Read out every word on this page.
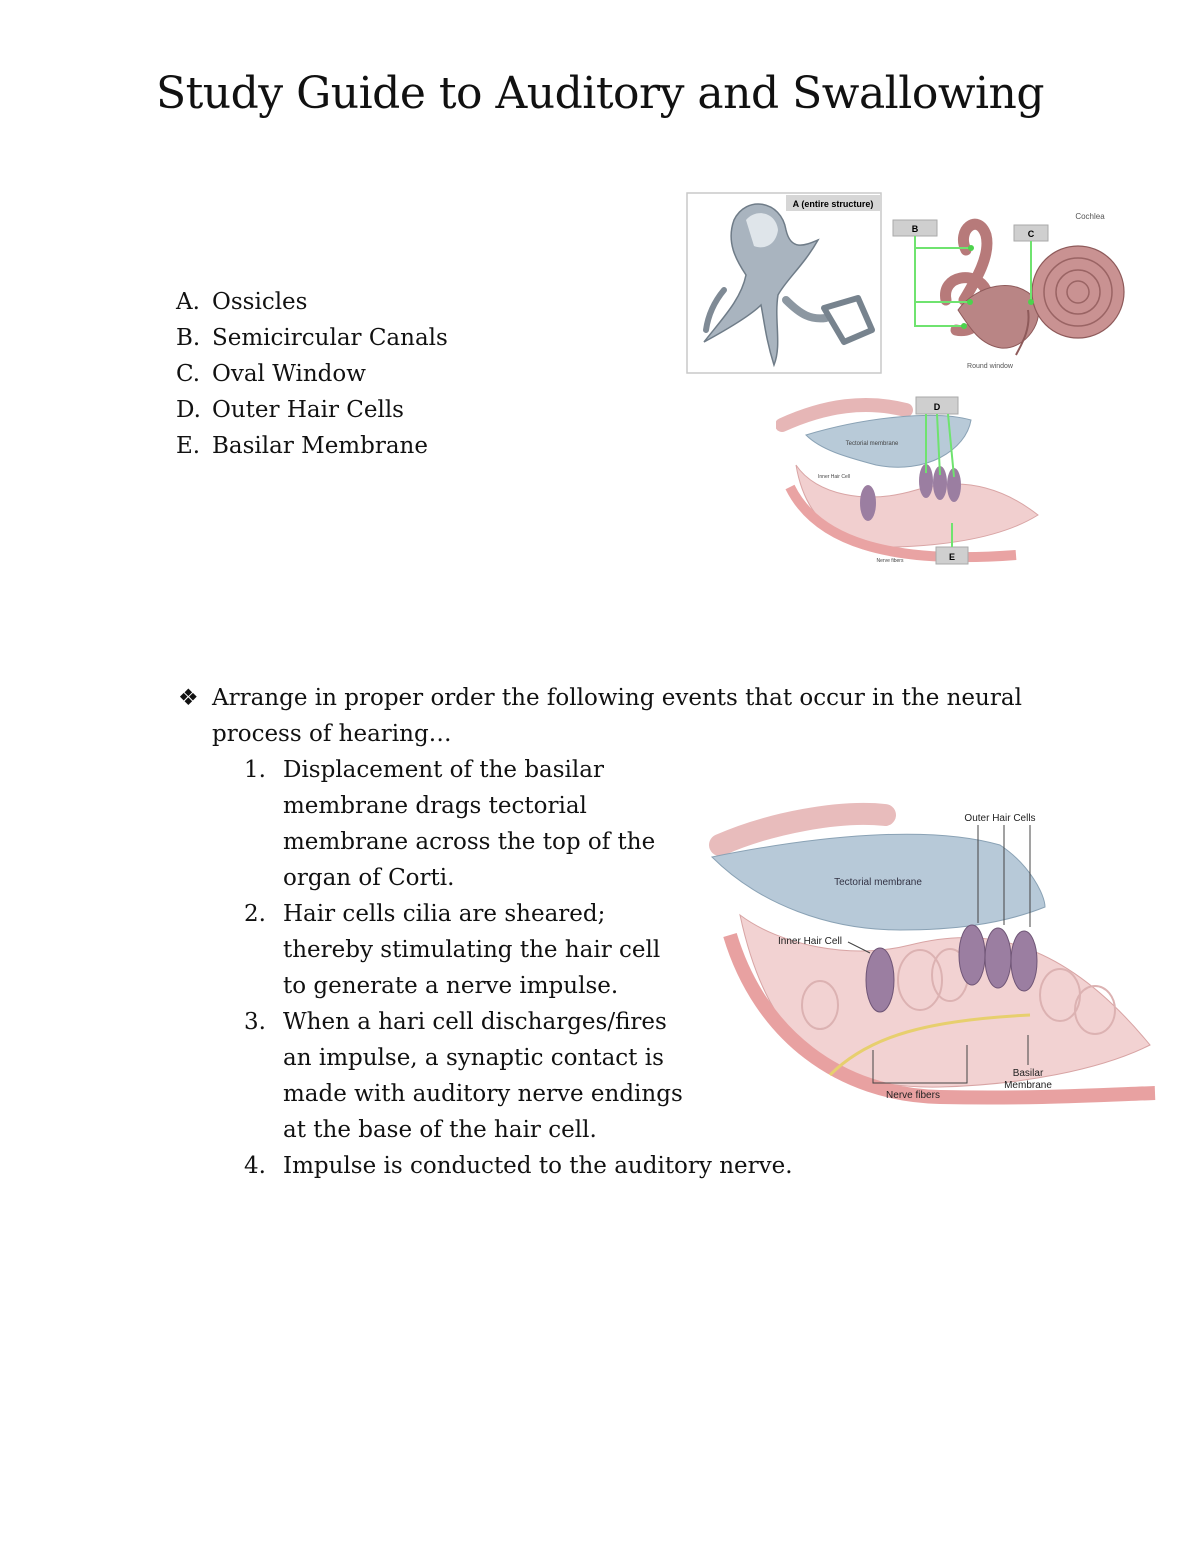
Study Guide to Auditory and Swallowing
A. Ossicles
B. Semicircular Canals
C. Oval Window
D. Outer Hair Cells
E. Basilar Membrane
A (entire structure)
B	C
Cochlea
Round window
Tectorial membrane
Inner Hair Cell
D
E
Nerve fibers
❖ Arrange in proper order the following events that occur in the neural process of hearing…
1. Displacement of the basilar membrane drags tectorial membrane across the top of the organ of Corti.
2. Hair cells cilia are sheared; thereby stimulating the hair cell to generate a nerve impulse.
3. When a hari cell discharges/fires an impulse, a synaptic contact is made with auditory nerve endings at the base of the hair cell.
4. Impulse is conducted to the auditory nerve.
Tectorial membrane
Outer Hair Cells
Inner Hair Cell
Nerve fibers
Basilar
Membrane
